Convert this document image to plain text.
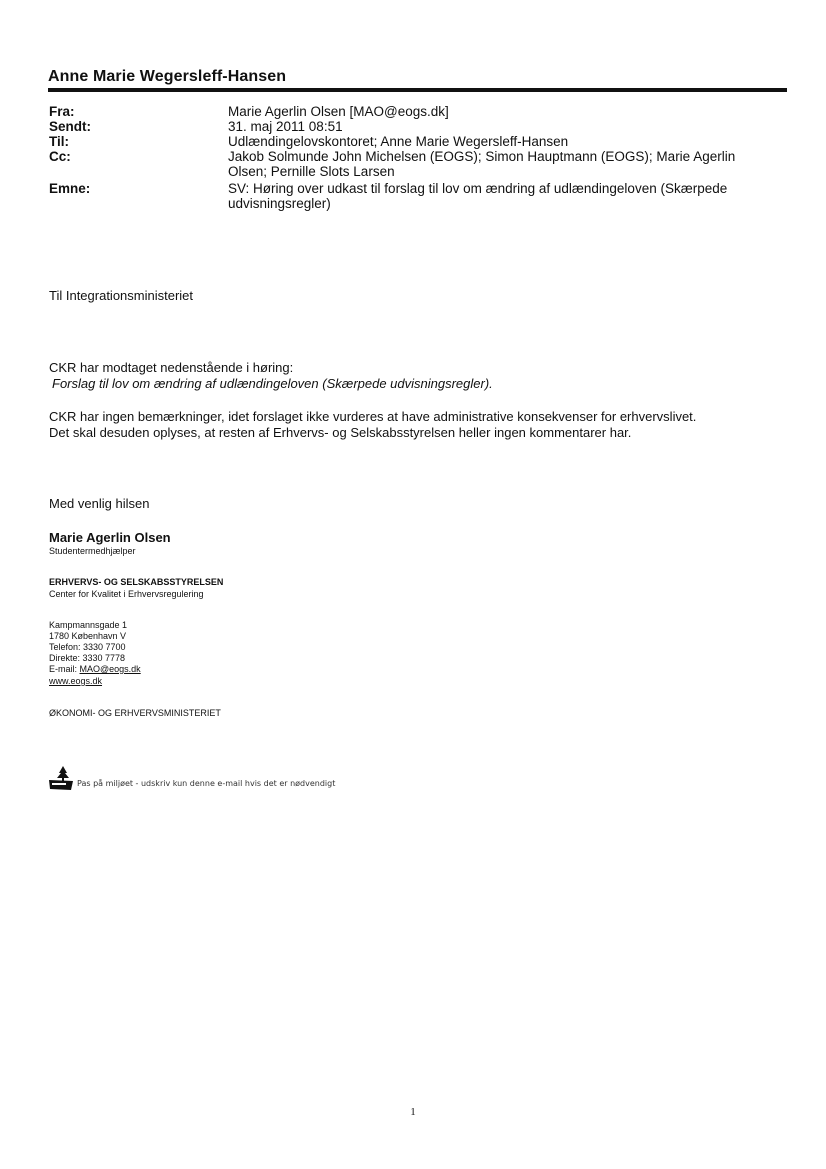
Anne Marie Wegersleff-Hansen
Fra:	Marie Agerlin Olsen [MAO@eogs.dk]
Sendt:	31. maj 2011 08:51
Til:	Udlændingelovskontoret; Anne Marie Wegersleff-Hansen
Cc:	Jakob Solmunde John Michelsen (EOGS); Simon Hauptmann (EOGS); Marie Agerlin
Olsen; Pernille Slots Larsen
Emne:	SV: Høring over udkast til forslag til lov om ændring af udlændingeloven (Skærpede
udvisningsregler)
Til Integrationsministeriet
CKR har modtaget nedenstående i høring:
Forslag til lov om ændring af udlændingeloven (Skærpede udvisningsregler).
CKR har ingen bemærkninger, idet forslaget ikke vurderes at have administrative konsekvenser for erhvervslivet.
Det skal desuden oplyses, at resten af Erhvervs- og Selskabsstyrelsen heller ingen kommentarer har.
Med venlig hilsen
Marie Agerlin Olsen
Studentermedhjælper
ERHVERVS- OG SELSKABSSTYRELSEN
Center for Kvalitet i Erhvervsregulering
Kampmannsgade 1
1780 København V
Telefon: 3330 7700
Direkte: 3330 7778
E-mail: MAO@eogs.dk
www.eogs.dk
ØKONOMI- OG ERHVERVSMINISTERIET
Pas på miljøet - udskriv kun denne e-mail hvis det er nødvendigt
1
